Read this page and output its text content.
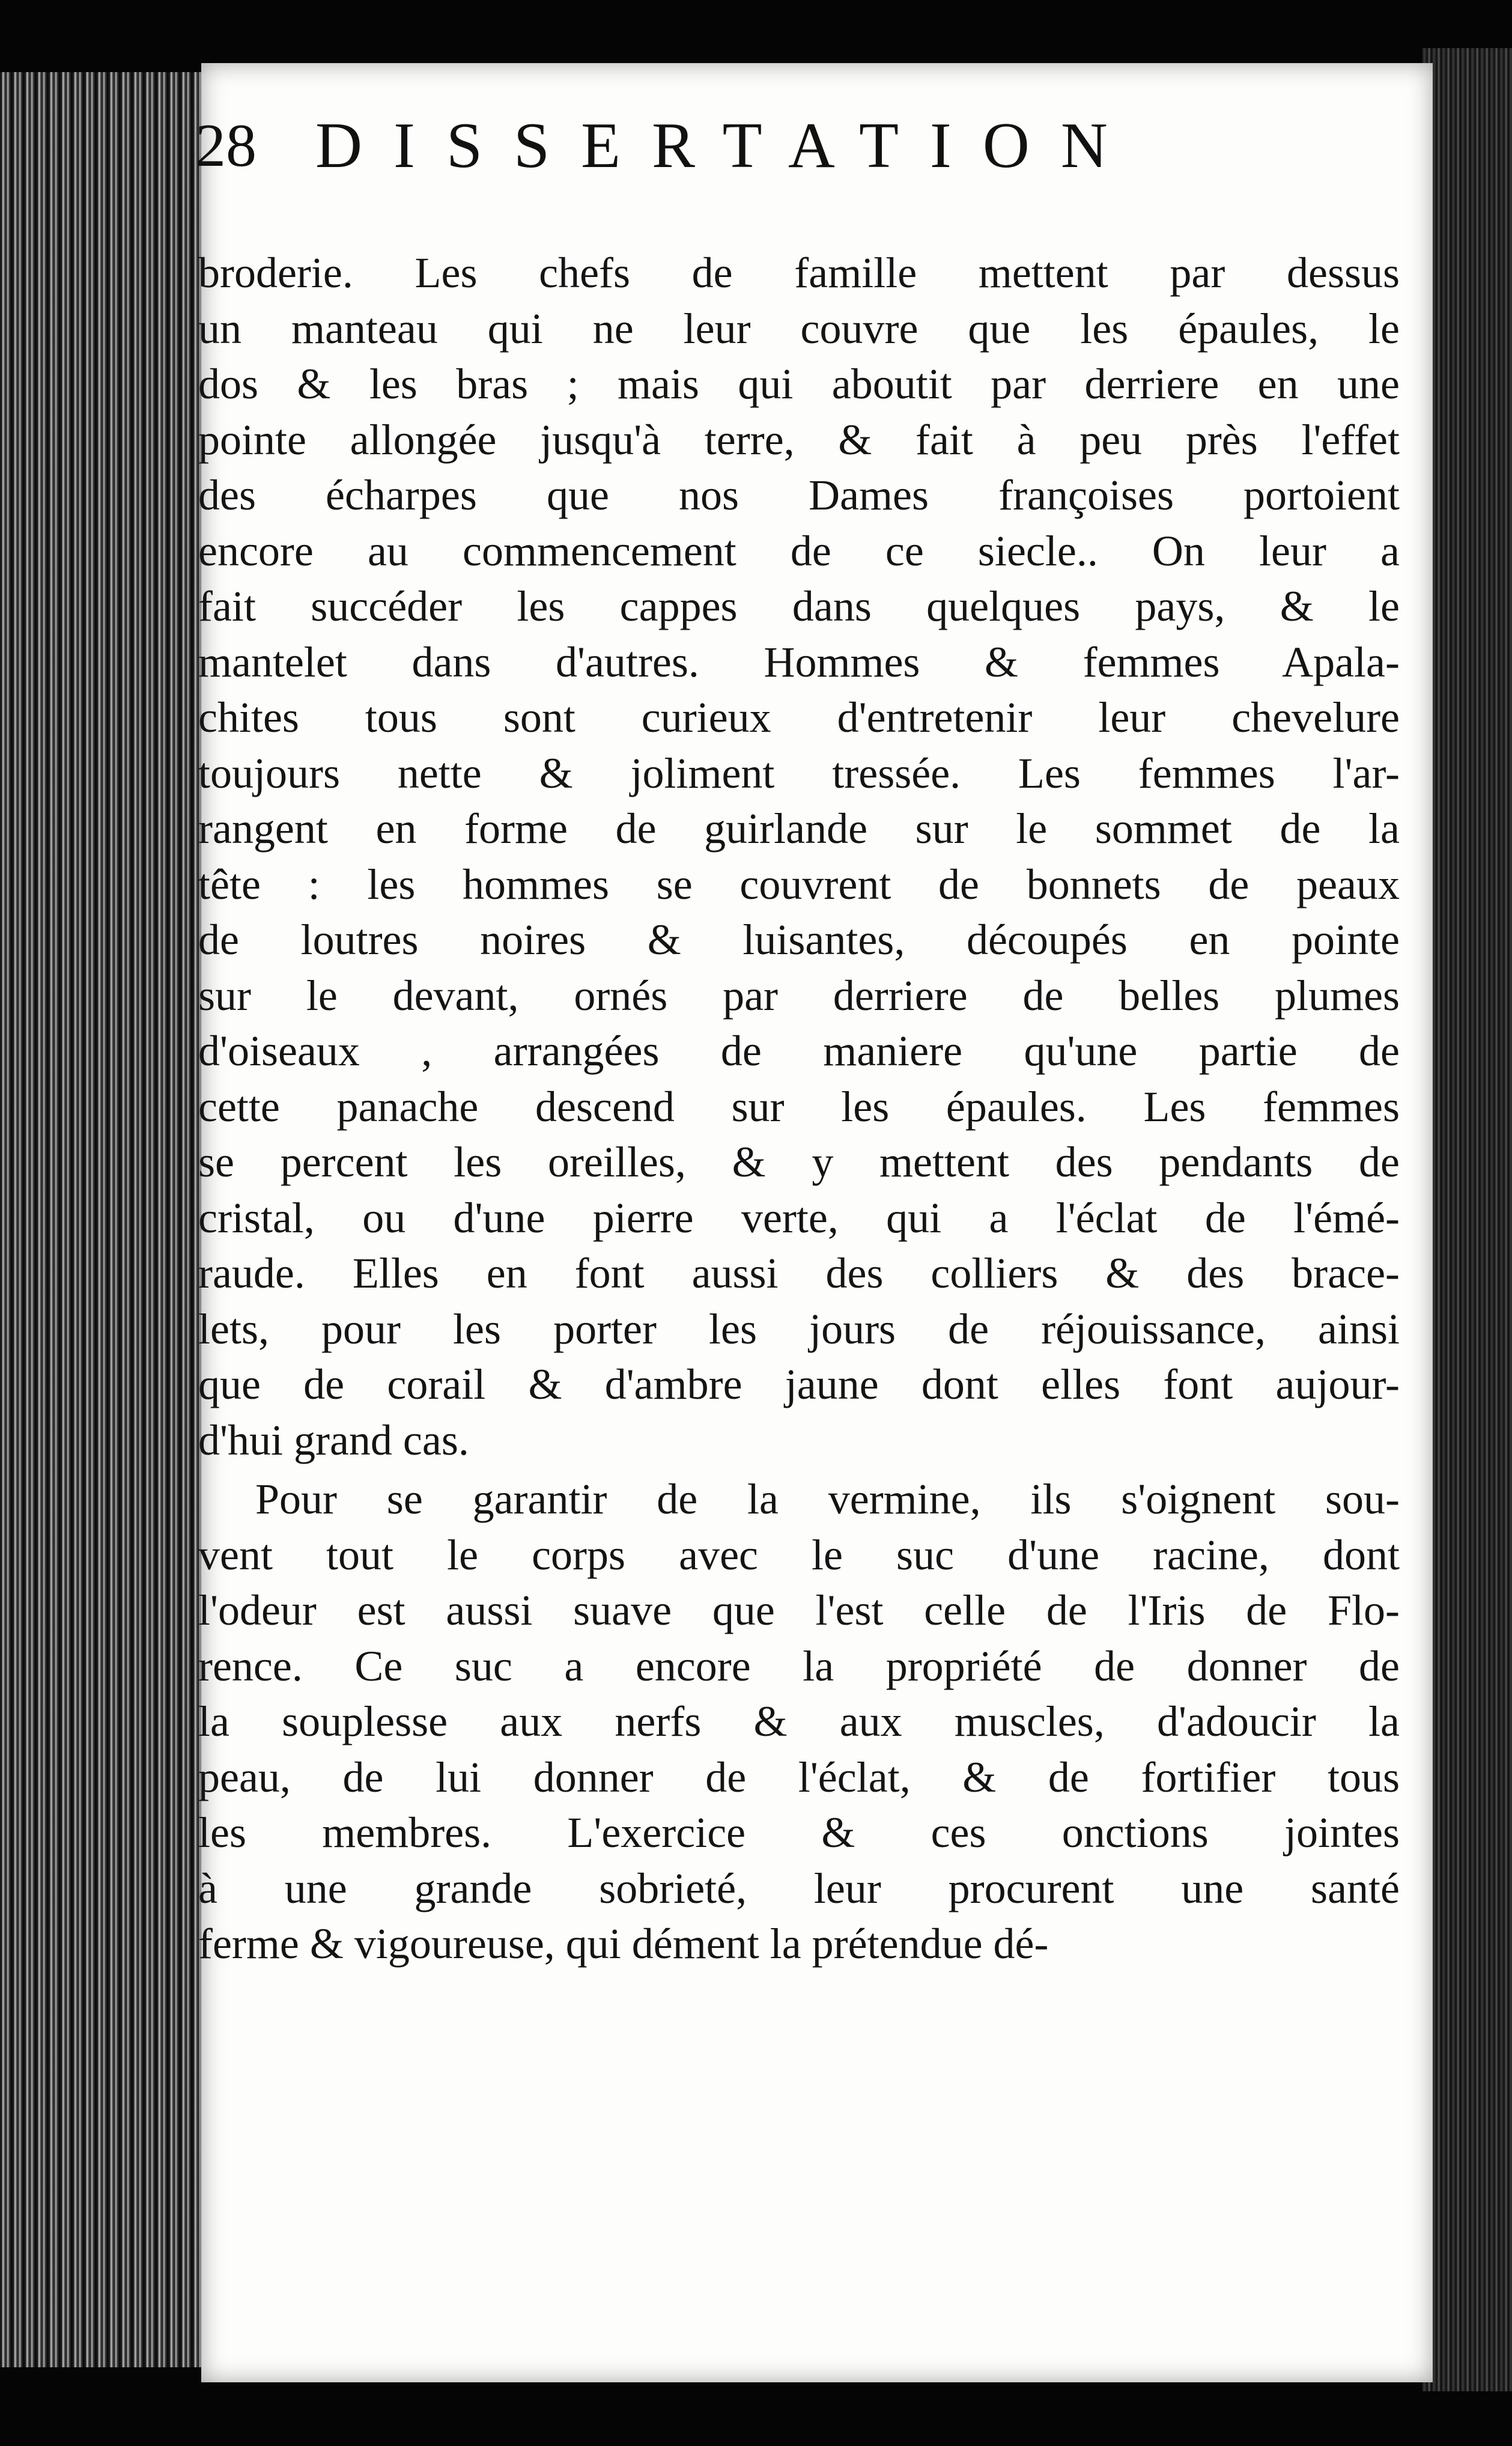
28 DISSERTATION
broderie. Les chefs de famille mettent par dessus
un manteau qui ne leur couvre que les épaules, le
dos & les bras ; mais qui aboutit par derriere en une
pointe allongée jusqu'à terre, & fait à peu près l'effet
des écharpes que nos Dames françoises portoient
encore au commencement de ce siecle.. On leur a
fait succéder les cappes dans quelques pays, & le
mantelet dans d'autres. Hommes & femmes Apala-
chites tous sont curieux d'entretenir leur chevelure
toujours nette & joliment tressée. Les femmes l'ar-
rangent en forme de guirlande sur le sommet de la
tête : les hommes se couvrent de bonnets de peaux
de loutres noires & luisantes, découpés en pointe
sur le devant, ornés par derriere de belles plumes
d'oiseaux , arrangées de maniere qu'une partie de
cette panache descend sur les épaules. Les femmes
se percent les oreilles, & y mettent des pendants de
cristal, ou d'une pierre verte, qui a l'éclat de l'émé-
raude. Elles en font aussi des colliers & des brace-
lets, pour les porter les jours de réjouissance, ainsi
que de corail & d'ambre jaune dont elles font aujour-
d'hui grand cas.
Pour se garantir de la vermine, ils s'oignent sou-
vent tout le corps avec le suc d'une racine, dont
l'odeur est aussi suave que l'est celle de l'Iris de Flo-
rence. Ce suc a encore la propriété de donner de
la souplesse aux nerfs & aux muscles, d'adoucir la
peau, de lui donner de l'éclat, & de fortifier tous
les membres. L'exercice & ces onctions jointes
à une grande sobrieté, leur procurent une santé
ferme & vigoureuse, qui dément la prétendue dé-
